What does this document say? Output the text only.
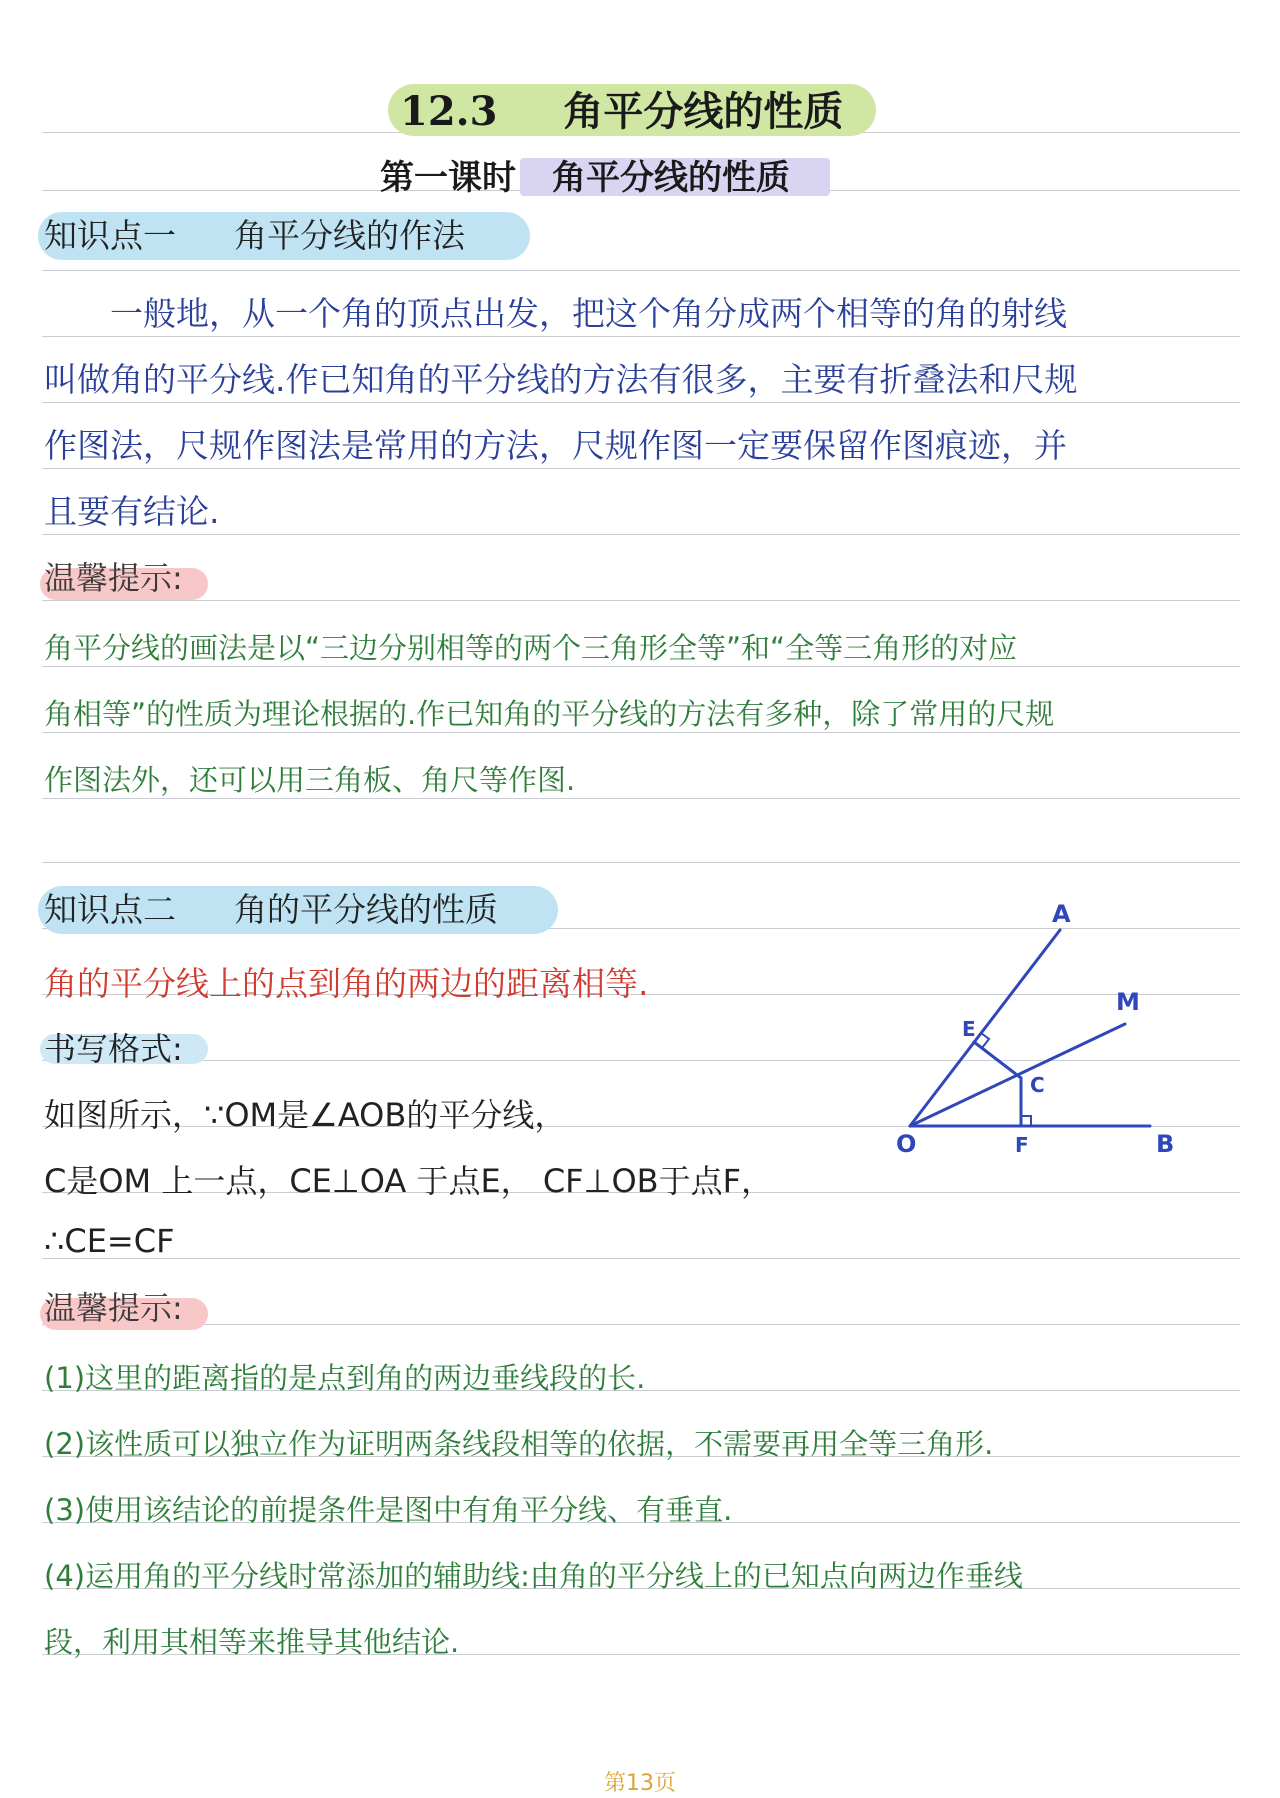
12.3 角平分线的性质
第一课时 角平分线的性质
知识点一 角平分线的作法
一般地，从一个角的顶点出发，把这个角分成两个相等的角的射线
叫做角的平分线.作已知角的平分线的方法有很多，主要有折叠法和尺规
作图法，尺规作图法是常用的方法，尺规作图一定要保留作图痕迹，并
且要有结论.
温馨提示:
角平分线的画法是以“三边分别相等的两个三角形全等”和“全等三角形的对应
角相等”的性质为理论根据的.作已知角的平分线的方法有多种，除了常用的尺规
作图法外，还可以用三角板、角尺等作图.
知识点二 角的平分线的性质
角的平分线上的点到角的两边的距离相等.
书写格式:
如图所示，∵OM是∠AOB的平分线，
C是OM 上一点，CE⊥OA 于点E， CF⊥OB于点F，
∴CE=CF
温馨提示:
(1)这里的距离指的是点到角的两边垂线段的长.
(2)该性质可以独立作为证明两条线段相等的依据，不需要再用全等三角形.
(3)使用该结论的前提条件是图中有角平分线、有垂直.
(4)运用角的平分线时常添加的辅助线:由角的平分线上的已知点向两边作垂线
段，利用其相等来推导其他结论.
A
M
E
C
O	F	B
第13页
